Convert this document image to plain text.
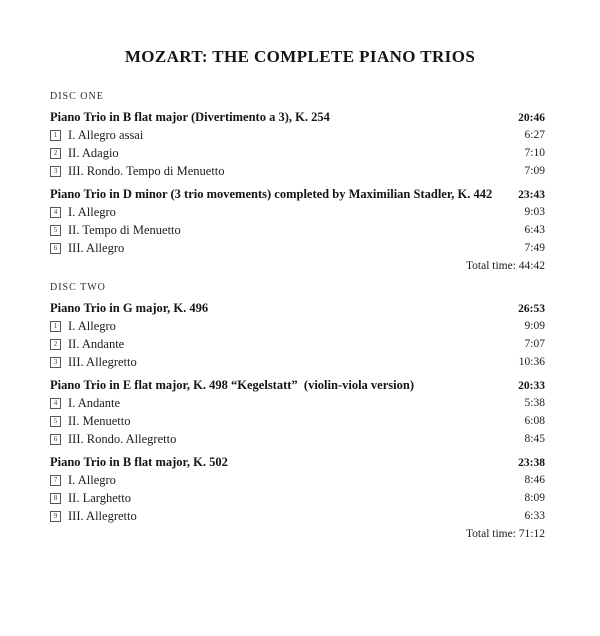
MOZART: THE COMPLETE PIANO TRIOS
DISC ONE
Piano Trio in B flat major (Divertimento a 3), K. 254	20:46
1 I. Allegro assai	6:27
2 II. Adagio	7:10
3 III. Rondo. Tempo di Menuetto	7:09
Piano Trio in D minor (3 trio movements) completed by Maximilian Stadler, K. 442	23:43
4 I. Allegro	9:03
5 II. Tempo di Menuetto	6:43
6 III. Allegro	7:49
Total time: 44:42
DISC TWO
Piano Trio in G major, K. 496	26:53
1 I. Allegro	9:09
2 II. Andante	7:07
3 III. Allegretto	10:36
Piano Trio in E flat major, K. 498 “Kegelstatt”  (violin-viola version)	20:33
4 I. Andante	5:38
5 II. Menuetto	6:08
6 III. Rondo. Allegretto	8:45
Piano Trio in B flat major, K. 502	23:38
7 I. Allegro	8:46
8 II. Larghetto	8:09
9 III. Allegretto	6:33
Total time: 71:12
